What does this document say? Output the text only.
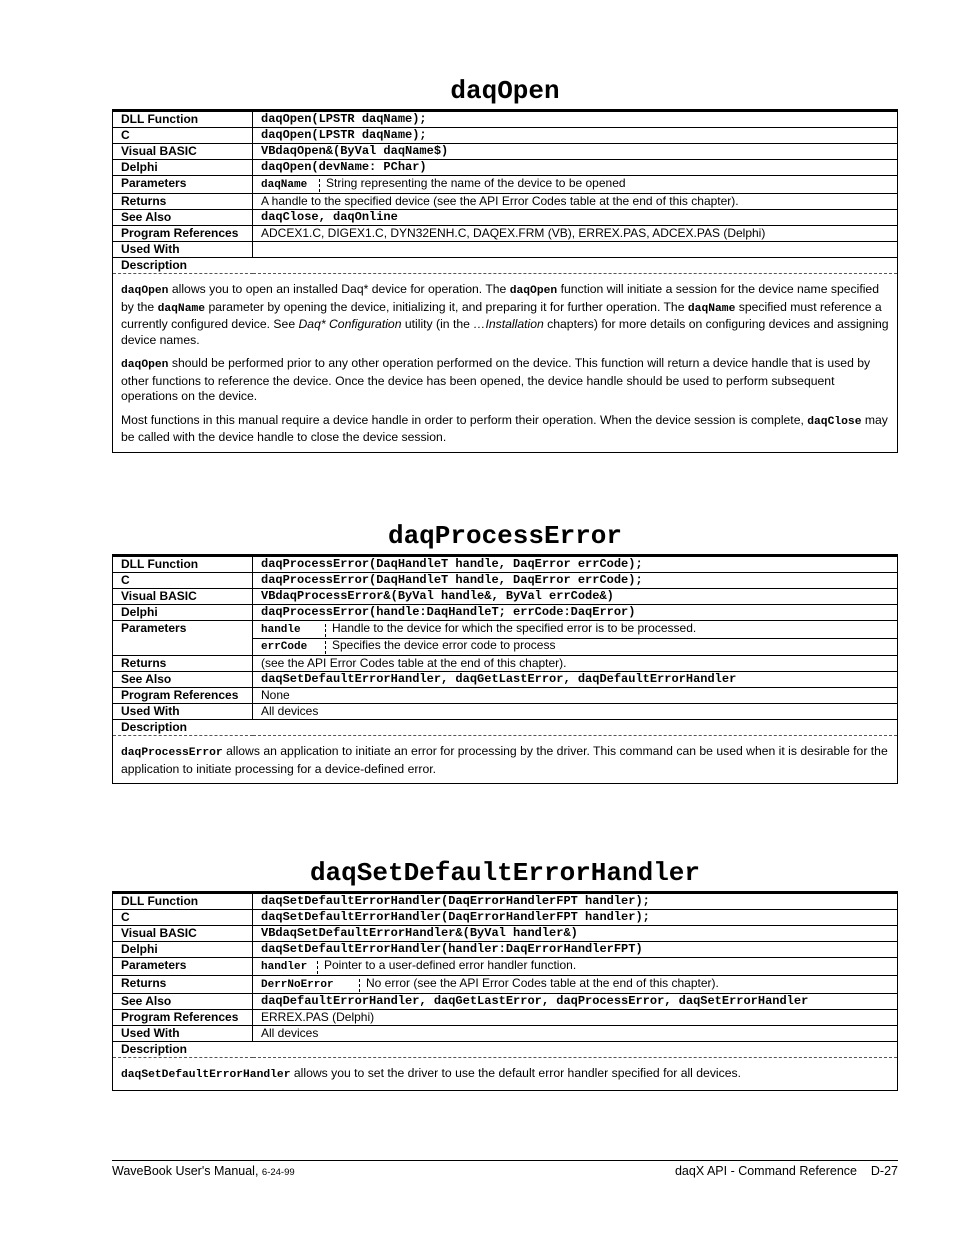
daqOpen
DLL Function	daqOpen(LPSTR daqName);
C	daqOpen(LPSTR daqName);
Visual BASIC	VBdaqOpen&(ByVal daqName$)
Delphi	daqOpen(devName: PChar)
Parameters	daqName String representing the name of the device to be opened
Returns	A handle to the specified device (see the API Error Codes table at the end of this chapter).
See Also	daqClose, daqOnline
Program References	ADCEX1.C, DIGEX1.C, DYN32ENH.C, DAQEX.FRM (VB), ERREX.PAS, ADCEX.PAS (Delphi)
Used With	
Description	

daqOpen allows you to open an installed Daq* device for operation. The daqOpen function will initiate a session for the device name specified by the daqName parameter by opening the device, initializing it, and preparing it for further operation. The daqName specified must reference a currently configured device. See Daq* Configuration utility (in the …Installation chapters) for more details on configuring devices and assigning device names.

daqOpen should be performed prior to any other operation performed on the device. This function will return a device handle that is used by other functions to reference the device. Once the device has been opened, the device handle should be used to perform subsequent operations on the device.

Most functions in this manual require a device handle in order to perform their operation. When the device session is complete, daqClose may be called with the device handle to close the device session.	

daqProcessError
DLL Function	daqProcessError(DaqHandleT handle, DaqError errCode);
C	daqProcessError(DaqHandleT handle, DaqError errCode);
Visual BASIC	VBdaqProcessError&(ByVal handle&, ByVal errCode&)
Delphi	daqProcessError(handle:DaqHandleT; errCode:DaqError)
Parameters	handle Handle to the device for which the specified error is to be processed.
errCode Specifies the device error code to process

Returns	(see the API Error Codes table at the end of this chapter).
See Also	daqSetDefaultErrorHandler, daqGetLastError, daqDefaultErrorHandler
Program References	None
Used With	All devices
Description	

daqProcessError allows an application to initiate an error for processing by the driver. This command can be used when it is desirable for the application to initiate processing for a device-defined error.	

daqSetDefaultErrorHandler
DLL Function	daqSetDefaultErrorHandler(DaqErrorHandlerFPT handler);
C	daqSetDefaultErrorHandler(DaqErrorHandlerFPT handler);
Visual BASIC	VBdaqSetDefaultErrorHandler&(ByVal handler&)
Delphi	daqSetDefaultErrorHandler(handler:DaqErrorHandlerFPT)
Parameters	handler Pointer to a user-defined error handler function.
Returns	DerrNoError No error (see the API Error Codes table at the end of this chapter).
See Also	daqDefaultErrorHandler, daqGetLastError, daqProcessError, daqSetErrorHandler
Program References	ERREX.PAS (Delphi)
Used With	All devices
Description	

daqSetDefaultErrorHandler allows you to set the driver to use the default error handler specified for all devices.	

WaveBook User's Manual, 6-24-99	daqX API - Command Reference    D-27
